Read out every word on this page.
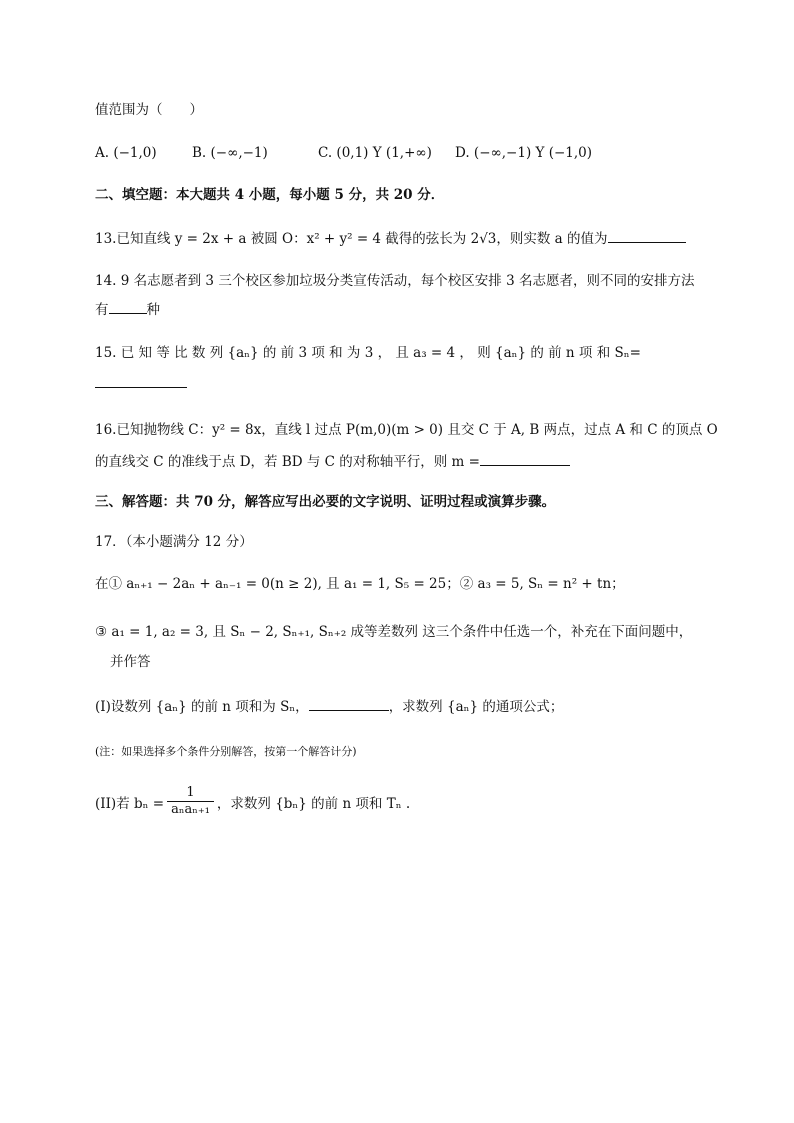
值范围为（　　）
A. (−1,0)	B. (−∞,−1)	C. (0,1) Y (1,+∞) D. (−∞,−1) Y (−1,0)
二、填空题：本大题共 4 小题，每小题 5 分，共 20 分．
13.已知直线 y = 2x + a 被圆 O：x² + y² = 4 截得的弦长为 2√3，则实数 a 的值为
14. 9 名志愿者到 3 三个校区参加垃圾分类宣传活动，每个校区安排 3 名志愿者，则不同的安排方法
有	种
15. 已 知 等 比 数 列 {aₙ} 的 前 3 项 和 为 3 ， 且 a₃ = 4 ， 则 {aₙ} 的 前 n 项 和 Sₙ=
16.已知抛物线 C：y² = 8x，直线 l 过点 P(m,0)(m > 0) 且交 C 于 A, B 两点，过点 A 和 C 的顶点 O
的直线交 C 的准线于点 D，若 BD 与 C 的对称轴平行，则 m =
三、解答题：共 70 分，解答应写出必要的文字说明、证明过程或演算步骤。
17．（本小题满分 12 分）
在① aₙ₊₁ − 2aₙ + aₙ₋₁ = 0(n ≥ 2), 且 a₁ = 1, S₅ = 25；② a₃ = 5, Sₙ = n² + tn；
③ a₁ = 1, a₂ = 3, 且 Sₙ − 2, Sₙ₊₁, Sₙ₊₂ 成等差数列 这三个条件中任选一个，补充在下面问题中，
并作答
(I)设数列 {aₙ} 的前 n 项和为 Sₙ，	，求数列 {aₙ} 的通项公式；
(注：如果选择多个条件分别解答，按第一个解答计分)
(II)若 $b_n = \frac{1}{\text{aₙaₙ₊₁}}$ ，求数列 {bₙ} 的前 n 项和 Tₙ .
